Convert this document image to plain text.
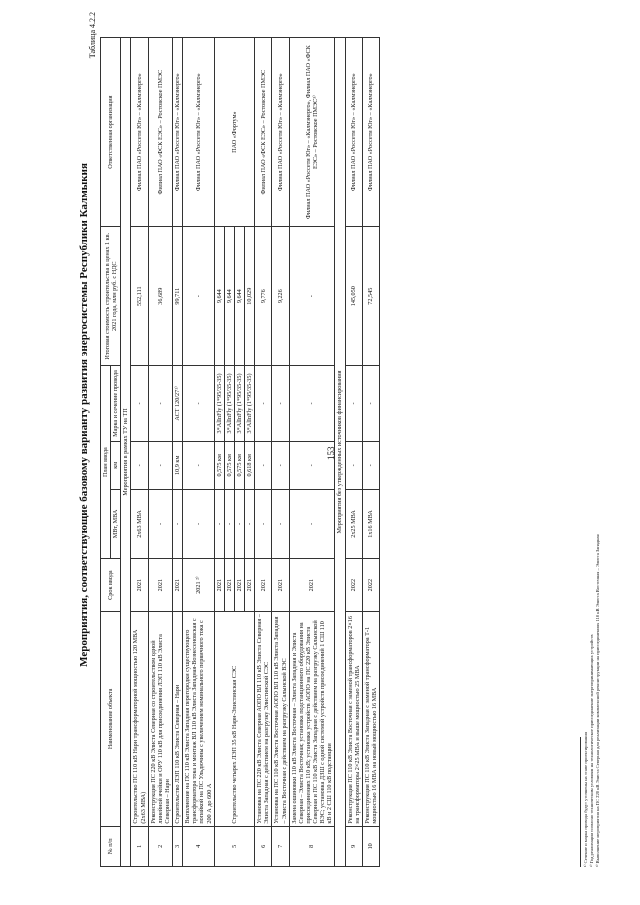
153
Мероприятия, соответствующие базовому варианту развития энергосистемы Республики Калмыкия
Таблица 4.2.2
№ п/п	Наименование объекта	Срок ввода	План ввода			Итоговая стоимость строительства в ценах 1 кв. 2021 года, млн руб. с НДС	Ответственная организация
			МВт, МВА	км	Марка и сечение провода		
Мероприятия в рамках ТУ на ТП							
1	Строительство ПС 110 кВ Нарн трансформаторной мощностью 120 МВА (2х63 МВА)	2021	2х63 МВА	-	-	552,111	Филиал ПАО «Россети Юг» – «Калмэнерго»
2	Реконструкция ПС 220 кВ Элиста Северная со строительством одной линейной ячейки и ОРУ 110 кВ для присоединения ЛЭП 110 кВ Элиста Северная – Нарн	2021	-	-	-	36,689	Филиал ПАО «ФСК ЕЭС» – Ростовское ПМЭС
3	Строительство ЛЭП 110 кВ Элиста Северная – Нарн	2021	-	10,9 км	АСТ 120/27¹⁾	99,711	Филиал ПАО «Россети Юг» – «Калмэнерго»
4	Выполнение на ПС 110 кВ Элиста Западная перегородки существующего трансформатора тока и монтаж ВЛ 110 кВ Элиста Западная-Вознесеновская с попайкой на ПС Ульдючины с увеличением номинального первичного тока с 200 А до 600 А	2021 ²⁾	-	-	-	-	Филиал ПАО «Россети Юг» – «Калмэнерго»
5	Строительство четырех ЛЭП 35 кВ Нарн-Элистинская СЭС	2021	-	0,575 км	3*AlInFly (1*95/35-35)	9,644	ПАО «Фортум»
		2021	-	0,575 км	3*AlInFly (1*95/35-35)	9,644	
		2021	-	0,575 км	3*AlInFly (1*95/35-35)	9,644	
		2021	-	0,618 км	3*AlInFly (1*95/35-35)	10,029	
6	Установка на ПС 220 кВ Элиста Северная АОПО ВЛ 110 кВ Элиста Северная – Элиста Западная с действием на разгрузку Элистинской СЭС	2021	-	-	-	9,776	Филиал ПАО «ФСК ЕЭС» – Ростовское ПМЭС
7	Установка на ПС 110 кВ Элиста Восточная АОПО ВЛ 110 кВ Элиста Западная – Элиста Восточная с действием на разгрузку Салынской ВЭС	2021	-	-	-	9,226	Филиал ПАО «Россети Юг» – «Калмэнерго»
8	Замена ошиновки 110 кВ Элиста Восточная – Элиста Западная и Элиста Северная – Элиста Восточная; установка подстанционного оборудования на присоединениях 110 кВ; установка устройств АОПО на ПС 220 кВ Элиста Северная и ПС 110 кВ Элиста Западная с действием на разгрузку Салынской ВЭС; установка ДЗШ с одной системой устройств присоединений 1 СШ 110 кВ и 2 СШ 110 кВ подстанции	2021	-	-	-	-	Филиал ПАО «Россети Юг» – «Калмэнерго», Филиал ПАО «ФСК ЕЭС» – Ростовское ПМЭС³⁾
Мероприятия без утвержденных источников финансирования							
9	Реконструкция ПС 110 кВ Элиста Восточная с заменой трансформаторов 2×16 на трансформаторы 2×25 МВА и выше мощностью 25 МВА	2022	2х25 МВА	-	-	145,050	Филиал ПАО «Россети Юг» – «Калмэнерго»
10	Реконструкция ПС 110 кВ Элиста Западная с заменой трансформатора Т-1 мощностью 16 МВА на новый мощностью 16 МВА	2022	1х16 МВА	-	-	72,545	Филиал ПАО «Россети Юг» – «Калмэнерго»
¹⁾ Сечение и марка провода будут уточнены на этапе проектирования ²⁾ Год реализации согласно техническим условиям на технологическое присоединение энергопринимающих устройств ³⁾ Выполнение мероприятия на ПС 220 кВ Элиста Северная для реализации комплексной реконструкции на присоединениях 110 кВ Элиста Восточная – Элиста Западная
